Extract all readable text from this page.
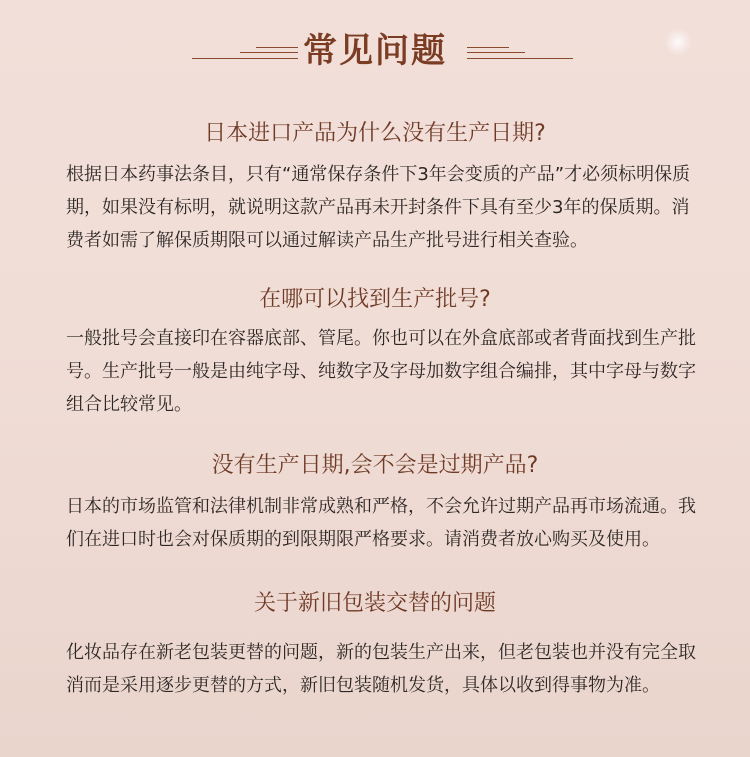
常见问题
日本进口产品为什么没有生产日期?
根据日本药事法条目，只有“通常保存条件下3年会变质的产品”才必须标明保质期，如果没有标明，就说明这款产品再未开封条件下具有至少3年的保质期。消费者如需了解保质期限可以通过解读产品生产批号进行相关查验。
在哪可以找到生产批号?
一般批号会直接印在容器底部、管尾。你也可以在外盒底部或者背面找到生产批号。生产批号一般是由纯字母、纯数字及字母加数字组合编排，其中字母与数字组合比较常见。
没有生产日期,会不会是过期产品?
日本的市场监管和法律机制非常成熟和严格，不会允许过期产品再市场流通。我们在进口时也会对保质期的到限期限严格要求。请消费者放心购买及使用。
关于新旧包装交替的问题
化妆品存在新老包装更替的问题，新的包装生产出来，但老包装也并没有完全取消而是采用逐步更替的方式，新旧包装随机发货，具体以收到得事物为准。
